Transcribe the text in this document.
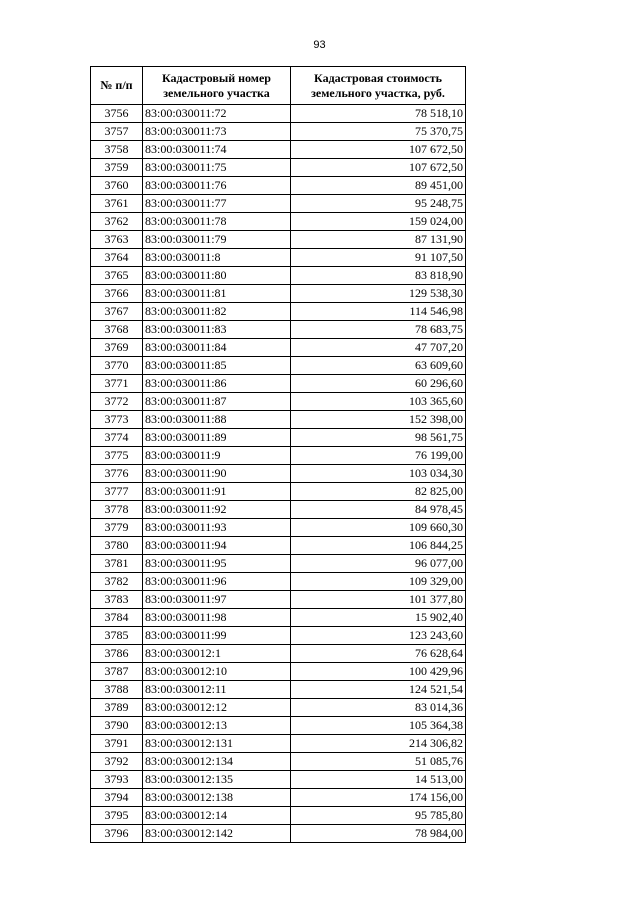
93
№ п/п	Кадастровый номер земельного участка	Кадастровая стоимость земельного участка, руб.
3756	83:00:030011:72	78 518,10
3757	83:00:030011:73	75 370,75
3758	83:00:030011:74	107 672,50
3759	83:00:030011:75	107 672,50
3760	83:00:030011:76	89 451,00
3761	83:00:030011:77	95 248,75
3762	83:00:030011:78	159 024,00
3763	83:00:030011:79	87 131,90
3764	83:00:030011:8	91 107,50
3765	83:00:030011:80	83 818,90
3766	83:00:030011:81	129 538,30
3767	83:00:030011:82	114 546,98
3768	83:00:030011:83	78 683,75
3769	83:00:030011:84	47 707,20
3770	83:00:030011:85	63 609,60
3771	83:00:030011:86	60 296,60
3772	83:00:030011:87	103 365,60
3773	83:00:030011:88	152 398,00
3774	83:00:030011:89	98 561,75
3775	83:00:030011:9	76 199,00
3776	83:00:030011:90	103 034,30
3777	83:00:030011:91	82 825,00
3778	83:00:030011:92	84 978,45
3779	83:00:030011:93	109 660,30
3780	83:00:030011:94	106 844,25
3781	83:00:030011:95	96 077,00
3782	83:00:030011:96	109 329,00
3783	83:00:030011:97	101 377,80
3784	83:00:030011:98	15 902,40
3785	83:00:030011:99	123 243,60
3786	83:00:030012:1	76 628,64
3787	83:00:030012:10	100 429,96
3788	83:00:030012:11	124 521,54
3789	83:00:030012:12	83 014,36
3790	83:00:030012:13	105 364,38
3791	83:00:030012:131	214 306,82
3792	83:00:030012:134	51 085,76
3793	83:00:030012:135	14 513,00
3794	83:00:030012:138	174 156,00
3795	83:00:030012:14	95 785,80
3796	83:00:030012:142	78 984,00
